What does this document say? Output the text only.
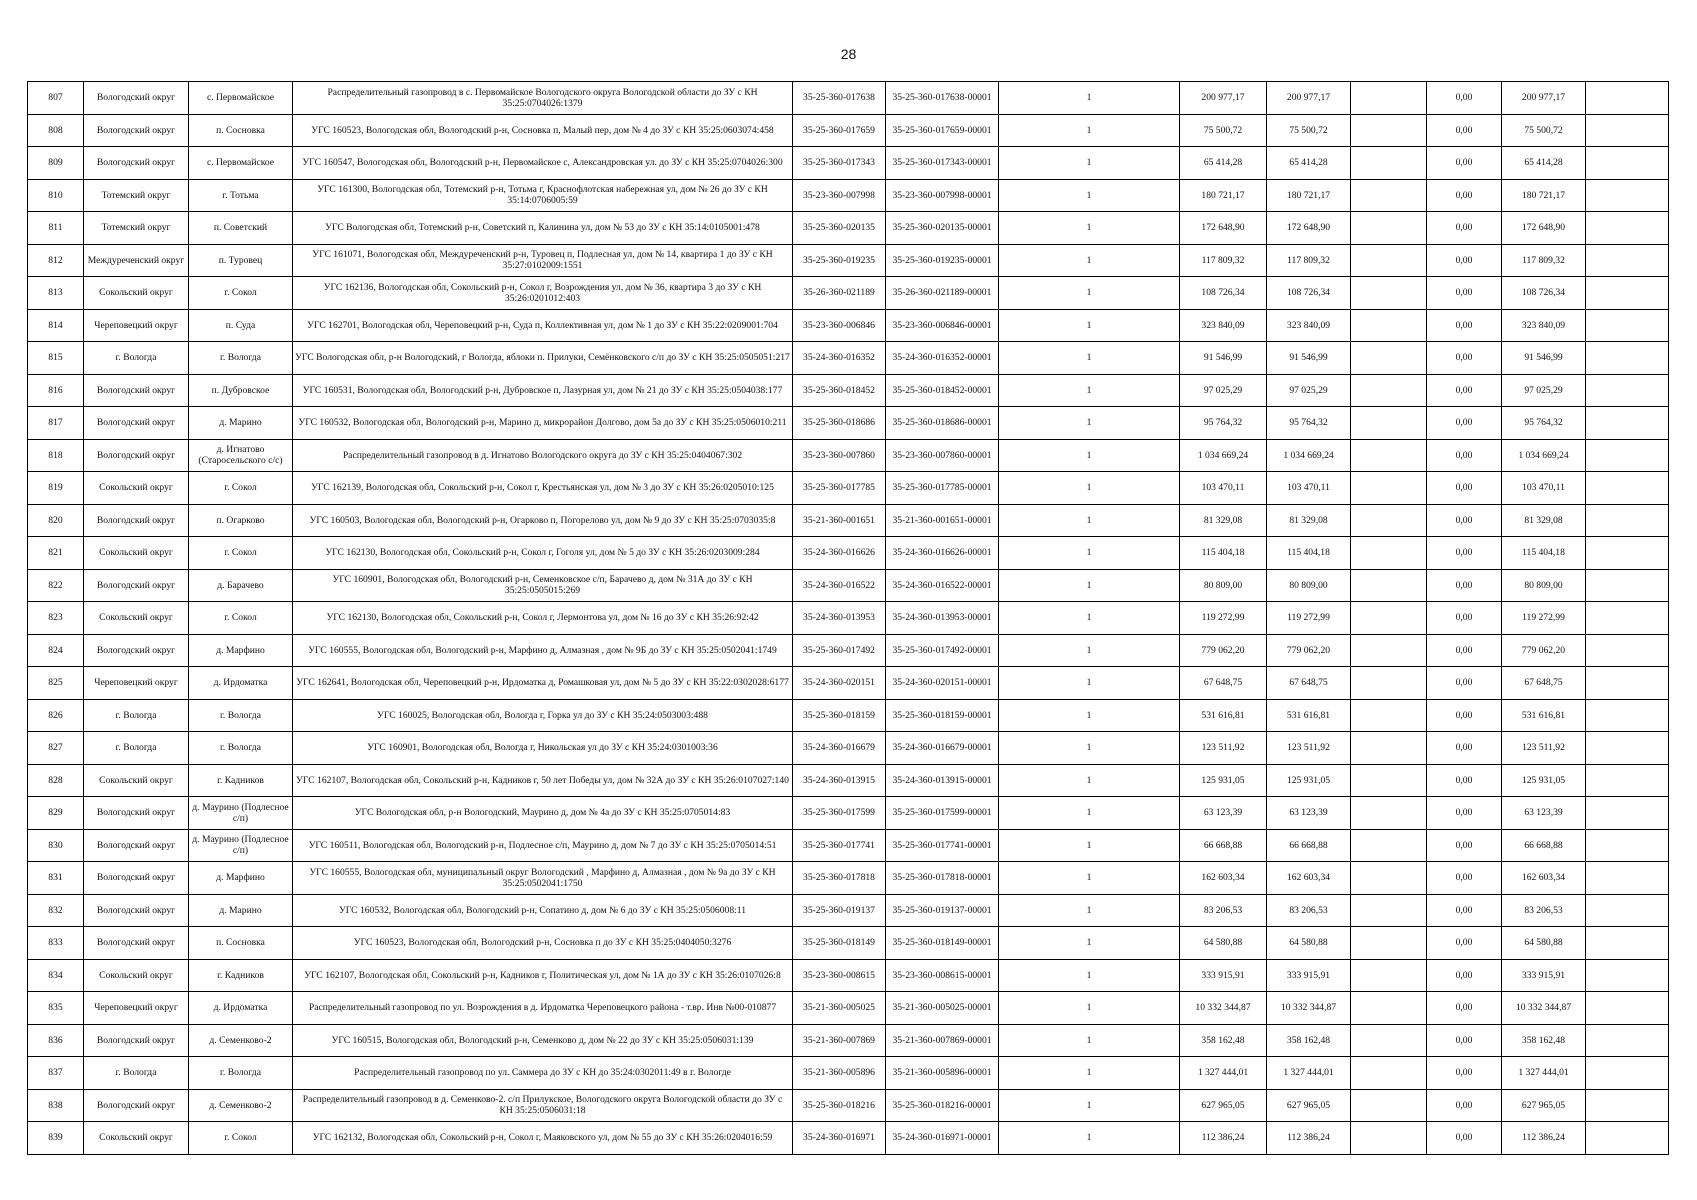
28
807	Вологодский округ	с. Первомайское	Распределительный газопровод в с. Первомайское Вологодского округа Вологодской области до ЗУ с КН 35:25:0704026:1379	35-25-360-017638	35-25-360-017638-00001	1	200 977,17	200 977,17		0,00	200 977,17	
808	Вологодский округ	п. Сосновка	УГС 160523, Вологодская обл, Вологодский р-н, Сосновка п, Малый пер, дом № 4 до ЗУ с КН 35:25:0603074:458	35-25-360-017659	35-25-360-017659-00001	1	75 500,72	75 500,72		0,00	75 500,72	
809	Вологодский округ	с. Первомайское	УГС 160547, Вологодская обл, Вологодский р-н, Первомайское с, Александровская ул. до ЗУ с КН 35:25:0704026:300	35-25-360-017343	35-25-360-017343-00001	1	65 414,28	65 414,28		0,00	65 414,28	
810	Тотемский округ	г. Тотьма	УГС 161300, Вологодская обл, Тотемский р-н, Тотьма г, Краснофлотская набережная ул, дом № 26 до ЗУ с КН 35:14:0706005:59	35-23-360-007998	35-23-360-007998-00001	1	180 721,17	180 721,17		0,00	180 721,17	
811	Тотемский округ	п. Советский	УГС Вологодская обл, Тотемский р-н, Советский п, Калинина ул, дом № 53 до ЗУ с КН 35:14:0105001:478	35-25-360-020135	35-25-360-020135-00001	1	172 648,90	172 648,90		0,00	172 648,90	
812	Междуреченский округ	п. Туровец	УГС 161071, Вологодская обл, Междуреченский р-н, Туровец п, Подлесная ул, дом № 14, квартира 1 до ЗУ с КН 35:27:0102009:1551	35-25-360-019235	35-25-360-019235-00001	1	117 809,32	117 809,32		0,00	117 809,32	
813	Сокольский округ	г. Сокол	УГС 162136, Вологодская обл, Сокольский р-н, Сокол г, Возрождения ул, дом № 36, квартира 3 до ЗУ с КН 35:26:0201012:403	35-26-360-021189	35-26-360-021189-00001	1	108 726,34	108 726,34		0,00	108 726,34	
814	Череповецкий округ	п. Суда	УГС 162701, Вологодская обл, Череповецкий р-н, Суда п, Коллективная ул, дом № 1 до ЗУ с КН 35:22:0209001:704	35-23-360-006846	35-23-360-006846-00001	1	323 840,09	323 840,09		0,00	323 840,09	
815	г. Вологда	г. Вологда	УГС Вологодская обл, р-н Вологодский, г Вологда, яблоки п. Прилуки, Семёнковского с/п до ЗУ с КН 35:25:0505051:217	35-24-360-016352	35-24-360-016352-00001	1	91 546,99	91 546,99		0,00	91 546,99	
816	Вологодский округ	п. Дубровское	УГС 160531, Вологодская обл, Вологодский р-н, Дубровское п, Лазурная ул, дом № 21 до ЗУ с КН 35:25:0504038:177	35-25-360-018452	35-25-360-018452-00001	1	97 025,29	97 025,29		0,00	97 025,29	
817	Вологодский округ	д. Марино	УГС 160532, Вологодская обл, Вологодский р-н, Марино д, микрорайон Долгово, дом 5а до ЗУ с КН 35:25:0506010:211	35-25-360-018686	35-25-360-018686-00001	1	95 764,32	95 764,32		0,00	95 764,32	
818	Вологодский округ	д. Игнатово (Старосельского с/с)	Распределительный газопровод в д. Игнатово Вологодского округа до ЗУ с КН 35:25:0404067:302	35-23-360-007860	35-23-360-007860-00001	1	1 034 669,24	1 034 669,24		0,00	1 034 669,24	
819	Сокольский округ	г. Сокол	УГС 162139, Вологодская обл, Сокольский р-н, Сокол г, Крестьянская ул, дом № 3 до ЗУ с КН 35:26:0205010:125	35-25-360-017785	35-25-360-017785-00001	1	103 470,11	103 470,11		0,00	103 470,11	
820	Вологодский округ	п. Огарково	УГС 160503, Вологодская обл, Вологодский р-н, Огарково п, Погорелово ул, дом № 9 до ЗУ с КН 35:25:0703035:8	35-21-360-001651	35-21-360-001651-00001	1	81 329,08	81 329,08		0,00	81 329,08	
821	Сокольский округ	г. Сокол	УГС 162130, Вологодская обл, Сокольский р-н, Сокол г, Гоголя ул, дом № 5 до ЗУ с КН 35:26:0203009:284	35-24-360-016626	35-24-360-016626-00001	1	115 404,18	115 404,18		0,00	115 404,18	
822	Вологодский округ	д. Барачево	УГС 160901, Вологодская обл, Вологодский р-н, Семенковское с/п, Барачево д, дом № 31А до ЗУ с КН 35:25:0505015:269	35-24-360-016522	35-24-360-016522-00001	1	80 809,00	80 809,00		0,00	80 809,00	
823	Сокольский округ	г. Сокол	УГС 162130, Вологодская обл, Сокольский р-н, Сокол г, Лермонтова ул, дом № 16 до ЗУ с КН 35:26:92:42	35-24-360-013953	35-24-360-013953-00001	1	119 272,99	119 272,99		0,00	119 272,99	
824	Вологодский округ	д. Марфино	УГС 160555, Вологодская обл, Вологодский р-н, Марфино д, Алмазная , дом № 9Б до ЗУ с КН 35:25:0502041:1749	35-25-360-017492	35-25-360-017492-00001	1	779 062,20	779 062,20		0,00	779 062,20	
825	Череповецкий округ	д. Ирдоматка	УГС 162641, Вологодская обл, Череповецкий р-н, Ирдоматка д, Ромашковая ул, дом № 5 до ЗУ с КН 35:22:0302028:6177	35-24-360-020151	35-24-360-020151-00001	1	67 648,75	67 648,75		0,00	67 648,75	
826	г. Вологда	г. Вологда	УГС 160025, Вологодская обл, Вологда г, Горка ул до ЗУ с КН 35:24:0503003:488	35-25-360-018159	35-25-360-018159-00001	1	531 616,81	531 616,81		0,00	531 616,81	
827	г. Вологда	г. Вологда	УГС 160901, Вологодская обл, Вологда г, Никольская ул до ЗУ с КН 35:24:0301003:36	35-24-360-016679	35-24-360-016679-00001	1	123 511,92	123 511,92		0,00	123 511,92	
828	Сокольский округ	г. Кадников	УГС 162107, Вологодская обл, Сокольский р-н, Кадников г, 50 лет Победы ул, дом № 32А до ЗУ с КН 35:26:0107027:140	35-24-360-013915	35-24-360-013915-00001	1	125 931,05	125 931,05		0,00	125 931,05	
829	Вологодский округ	д. Маурино (Подлесное с/п)	УГС Вологодская обл, р-н Вологодский, Маурино д, дом № 4а до ЗУ с КН 35:25:0705014:83	35-25-360-017599	35-25-360-017599-00001	1	63 123,39	63 123,39		0,00	63 123,39	
830	Вологодский округ	д. Маурино (Подлесное с/п)	УГС 160511, Вологодская обл, Вологодский р-н, Подлесное с/п, Маурино д, дом № 7 до ЗУ с КН 35:25:0705014:51	35-25-360-017741	35-25-360-017741-00001	1	66 668,88	66 668,88		0,00	66 668,88	
831	Вологодский округ	д. Марфино	УГС 160555, Вологодская обл, муниципальный округ Вологодский , Марфино д, Алмазная , дом № 9а до ЗУ с КН 35:25:0502041:1750	35-25-360-017818	35-25-360-017818-00001	1	162 603,34	162 603,34		0,00	162 603,34	
832	Вологодский округ	д. Марино	УГС 160532, Вологодская обл, Вологодский р-н, Сопатино д, дом № 6 до ЗУ с КН 35:25:0506008:11	35-25-360-019137	35-25-360-019137-00001	1	83 206,53	83 206,53		0,00	83 206,53	
833	Вологодский округ	п. Сосновка	УГС 160523, Вологодская обл, Вологодский р-н, Сосновка п до ЗУ с КН 35:25:0404050:3276	35-25-360-018149	35-25-360-018149-00001	1	64 580,88	64 580,88		0,00	64 580,88	
834	Сокольский округ	г. Кадников	УГС 162107, Вологодская обл, Сокольский р-н, Кадников г, Политическая ул, дом № 1А до ЗУ с КН 35:26:0107026:8	35-23-360-008615	35-23-360-008615-00001	1	333 915,91	333 915,91		0,00	333 915,91	
835	Череповецкий округ	д. Ирдоматка	Распределительный газопровод по ул. Возрождения в д. Ирдоматка Череповецкого района - т.вр. Инв №00-010877	35-21-360-005025	35-21-360-005025-00001	1	10 332 344,87	10 332 344,87		0,00	10 332 344,87	
836	Вологодский округ	д. Семенково-2	УГС 160515, Вологодская обл, Вологодский р-н, Семенково д, дом № 22 до ЗУ с КН 35:25:0506031:139	35-21-360-007869	35-21-360-007869-00001	1	358 162,48	358 162,48		0,00	358 162,48	
837	г. Вологда	г. Вологда	Распределительный газопровод по ул. Саммера до ЗУ с КН до 35:24:0302011:49 в г. Вологде	35-21-360-005896	35-21-360-005896-00001	1	1 327 444,01	1 327 444,01		0,00	1 327 444,01	
838	Вологодский округ	д. Семенково-2	Распределительный газопровод в д. Семенково-2. с/п Прилукское, Вологодского округа Вологодской области до ЗУ с КН 35:25:0506031:18	35-25-360-018216	35-25-360-018216-00001	1	627 965,05	627 965,05		0,00	627 965,05	
839	Сокольский округ	г. Сокол	УГС 162132, Вологодская обл, Сокольский р-н, Сокол г, Маяковского ул, дом № 55 до ЗУ с КН 35:26:0204016:59	35-24-360-016971	35-24-360-016971-00001	1	112 386,24	112 386,24		0,00	112 386,24	
